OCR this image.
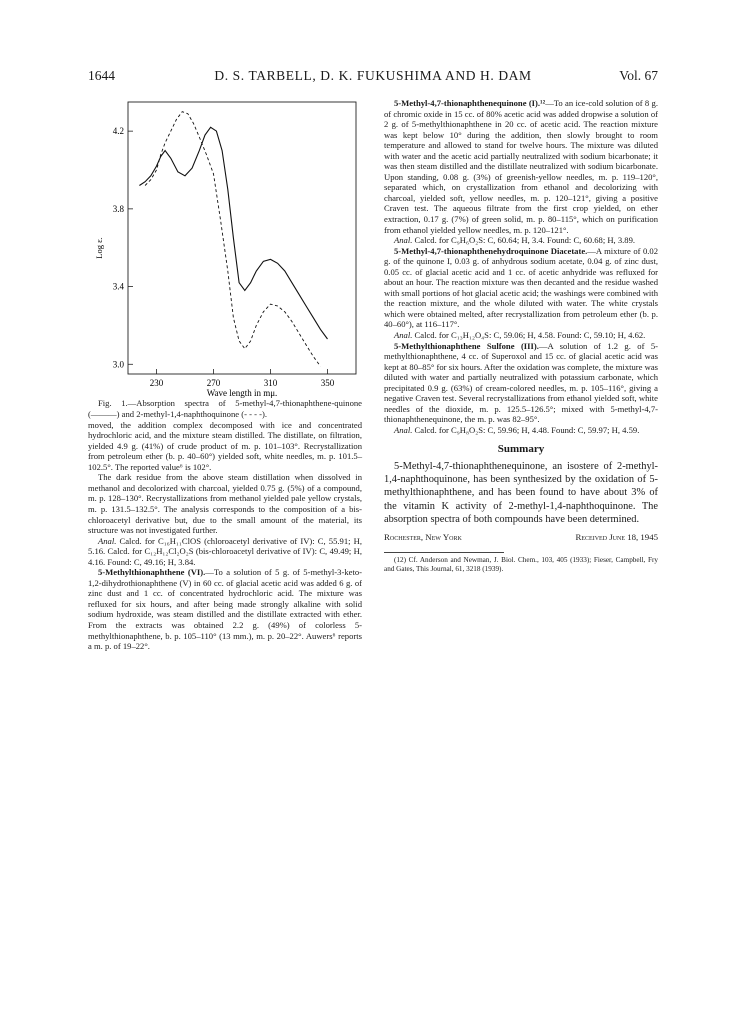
1644	D. S. TARBELL, D. K. FUKUSHIMA AND H. DAM	Vol. 67
4.2
3.8
3.4
3.0
230	270	310	350
Log ε.
Wave length in mμ.

Fig. 1.—Absorption spectra of 5-methyl-4,7-thionaphthene-quinone (———) and 2-methyl-1,4-naphthoquinone (- - - -).

moved, the addition complex decomposed with ice and concentrated hydrochloric acid, and the mixture steam distilled. The distillate, on filtration, yielded 4.9 g. (41%) of crude product of m. p. 101–103°. Recrystallization from petroleum ether (b. p. 40–60°) yielded soft, white needles, m. p. 101.5–102.5°. The reported value⁶ is 102°.

The dark residue from the above steam distillation when dissolved in methanol and decolorized with charcoal, yielded 0.75 g. (5%) of a compound, m. p. 128–130°. Recrystallizations from methanol yielded pale yellow crystals, m. p. 131.5–132.5°. The analysis corresponds to the composition of a bis-chloroacetyl derivative but, due to the small amount of the material, its structure was not investigated further.

Anal. Calcd. for C₁₆H₁₁ClOS (chloroacetyl derivative of IV): C, 55.91; H, 5.16. Calcd. for C₁₂H₁₂Cl₂O₂S (bis-chloroacetyl derivative of IV): C, 49.49; H, 4.16. Found: C, 49.16; H, 3.84.

5-Methylthionaphthene (VI).—To a solution of 5 g. of 5-methyl-3-keto-1,2-dihydrothionaphthene (V) in 60 cc. of glacial acetic acid was added 6 g. of zinc dust and 1 cc. of concentrated hydrochloric acid. The mixture was refluxed for six hours, and after being made strongly alkaline with solid sodium hydroxide, was steam distilled and the distillate extracted with ether. From the extracts was obtained 2.2 g. (49%) of colorless 5-methylthionaphthene, b. p. 105–110° (13 mm.), m. p. 20–22°. Auwers⁶ reports a m. p. of 19–22°.

5-Methyl-4,7-thionaphthenequinone (I).¹²—To an ice-cold solution of 8 g. of chromic oxide in 15 cc. of 80% acetic acid was added dropwise a solution of 2 g. of 5-methylthionaphthene in 20 cc. of acetic acid. The reaction mixture was kept below 10° during the addition, then slowly brought to room temperature and allowed to stand for twelve hours. The mixture was diluted with water and the acetic acid partially neutralized with sodium bicarbonate; it was then steam distilled and the distillate neutralized with sodium bicarbonate. Upon standing, 0.08 g. (3%) of greenish-yellow needles, m. p. 119–120°, separated which, on crystallization from ethanol and decolorizing with charcoal, yielded soft, yellow needles, m. p. 120–121°, giving a positive Craven test. The aqueous filtrate from the first crop yielded, on ether extraction, 0.17 g. (7%) of green solid, m. p. 80–115°, which on purification from ethanol yielded yellow needles, m. p. 120–121°.

Anal. Calcd. for C₉H₆O₂S: C, 60.64; H, 3.4. Found: C, 60.68; H, 3.89.

5-Methyl-4,7-thionaphthenehydroquinone Diacetate.—A mixture of 0.02 g. of the quinone I, 0.03 g. of anhydrous sodium acetate, 0.04 g. of zinc dust, 0.05 cc. of glacial acetic acid and 1 cc. of acetic anhydride was refluxed for about an hour. The reaction mixture was then decanted and the residue washed with small portions of hot glacial acetic acid; the washings were combined with the reaction mixture, and the whole diluted with water. The white crystals which were obtained melted, after recrystallization from petroleum ether (b. p. 40–60°), at 116–117°.

Anal. Calcd. for C₁₃H₁₂O₄S: C, 59.06; H, 4.58. Found: C, 59.10; H, 4.62.

5-Methylthionaphthene Sulfone (III).—A solution of 1.2 g. of 5-methylthionaphthene, 4 cc. of Superoxol and 15 cc. of glacial acetic acid was kept at 80–85° for six hours. After the oxidation was complete, the mixture was diluted with water and partially neutralized with potassium carbonate, which precipitated 0.9 g. (63%) of cream-colored needles, m. p. 105–116°, giving a negative Craven test. Several recrystallizations from ethanol yielded soft, white needles of the dioxide, m. p. 125.5–126.5°; mixed with 5-methyl-4,7-thionaphthenequinone, the m. p. was 82–95°.

Anal. Calcd. for C₉H₈O₂S: C, 59.96; H, 4.48. Found: C, 59.97; H, 4.59.

Summary

5-Methyl-4,7-thionaphthenequinone, an isostere of 2-methyl-1,4-naphthoquinone, has been synthesized by the oxidation of 5-methylthionaphthene, and has been found to have about 3% of the vitamin K activity of 2-methyl-1,4-naphthoquinone. The absorption spectra of both compounds have been determined.

Rochester, New York	Received June 18, 1945

(12) Cf. Anderson and Newman, J. Biol. Chem., 103, 405 (1933); Fieser, Campbell, Fry and Gates, This Journal, 61, 3218 (1939).
